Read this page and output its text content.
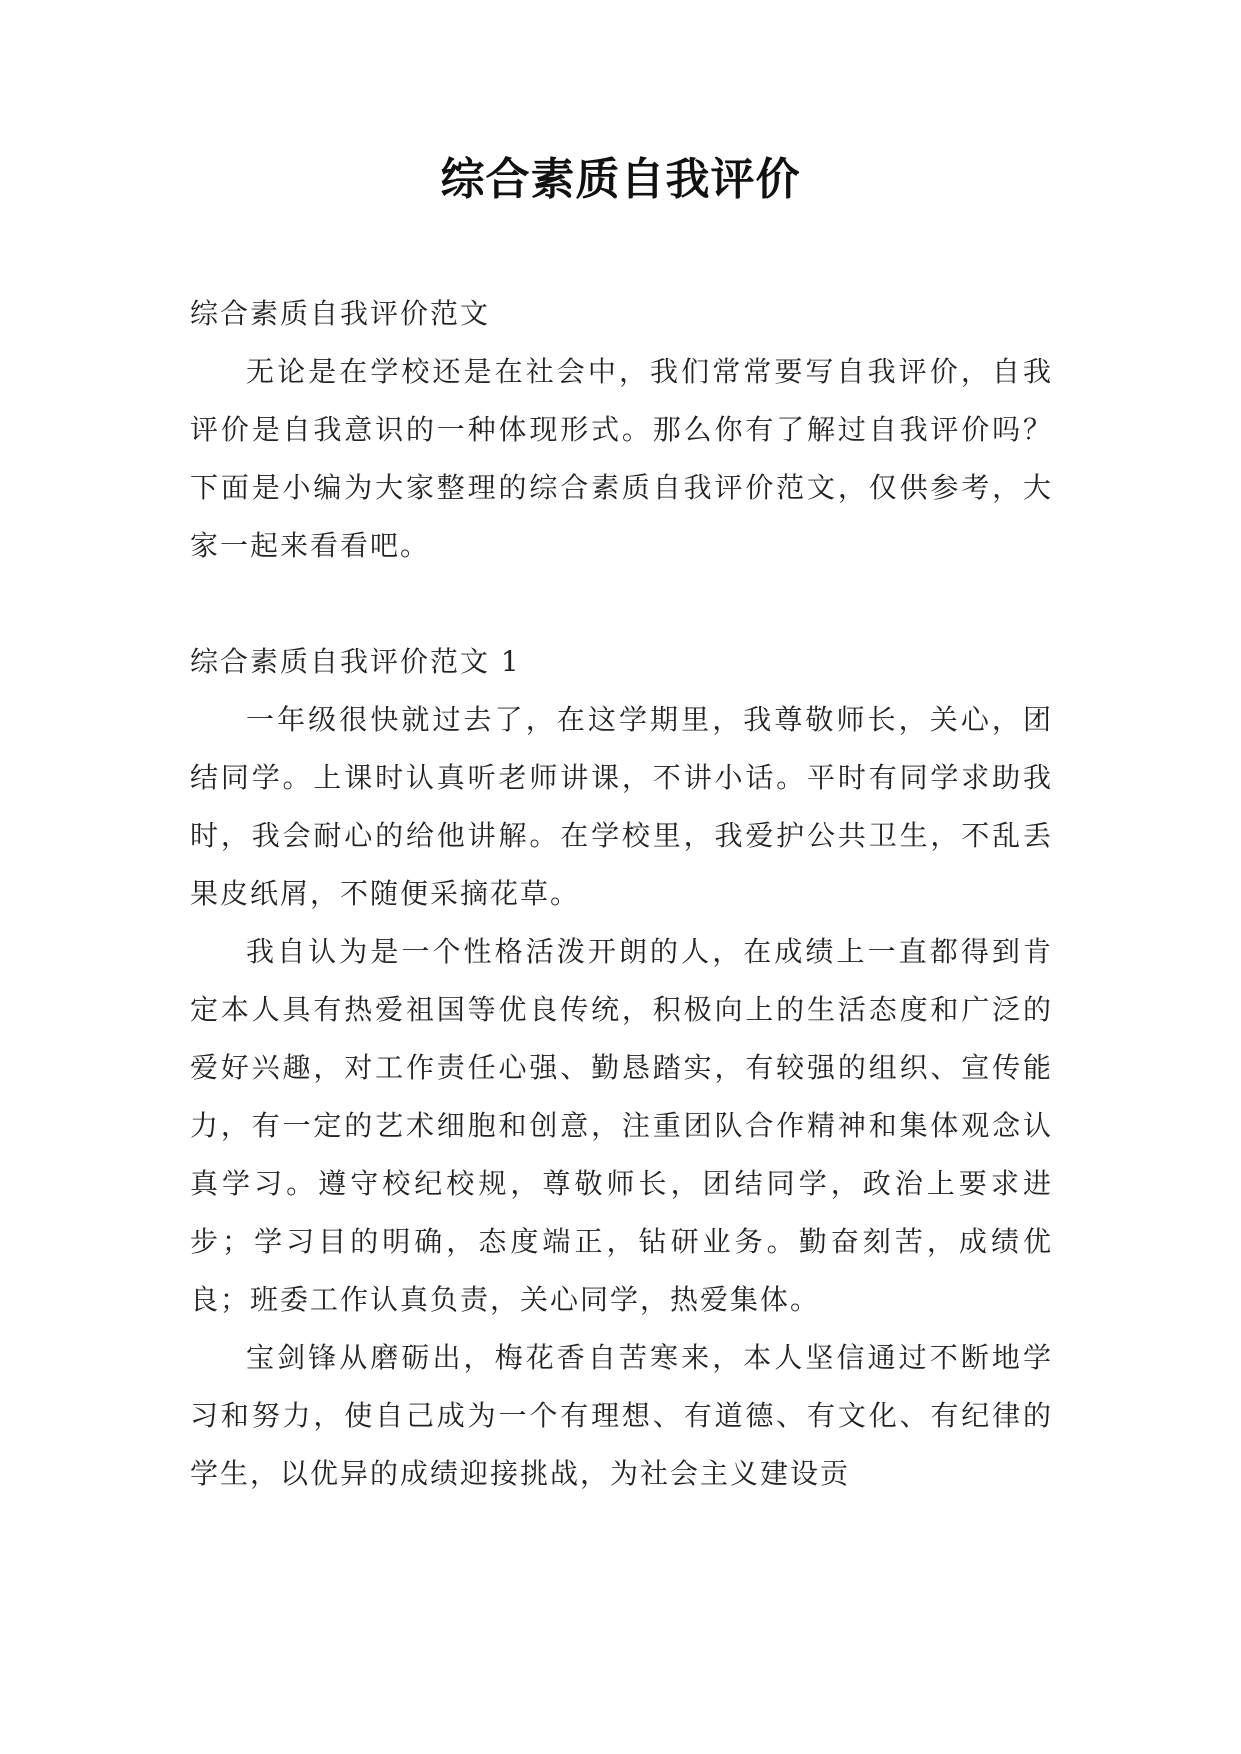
综合素质自我评价

综合素质自我评价范文

无论是在学校还是在社会中，我们常常要写自我评价，自我评价是自我意识的一种体现形式。那么你有了解过自我评价吗？下面是小编为大家整理的综合素质自我评价范文，仅供参考，大家一起来看看吧。

综合素质自我评价范文 1

一年级很快就过去了，在这学期里，我尊敬师长，关心，团结同学。上课时认真听老师讲课，不讲小话。平时有同学求助我时，我会耐心的给他讲解。在学校里，我爱护公共卫生，不乱丢果皮纸屑，不随便采摘花草。

我自认为是一个性格活泼开朗的人，在成绩上一直都得到肯定本人具有热爱祖国等优良传统，积极向上的生活态度和广泛的爱好兴趣，对工作责任心强、勤恳踏实，有较强的组织、宣传能力，有一定的艺术细胞和创意，注重团队合作精神和集体观念认真学习。遵守校纪校规，尊敬师长，团结同学，政治上要求进步；学习目的明确，态度端正，钻研业务。勤奋刻苦，成绩优良；班委工作认真负责，关心同学，热爱集体。

宝剑锋从磨砺出，梅花香自苦寒来，本人坚信通过不断地学习和努力，使自己成为一个有理想、有道德、有文化、有纪律的学生，以优异的成绩迎接挑战，为社会主义建设贡
